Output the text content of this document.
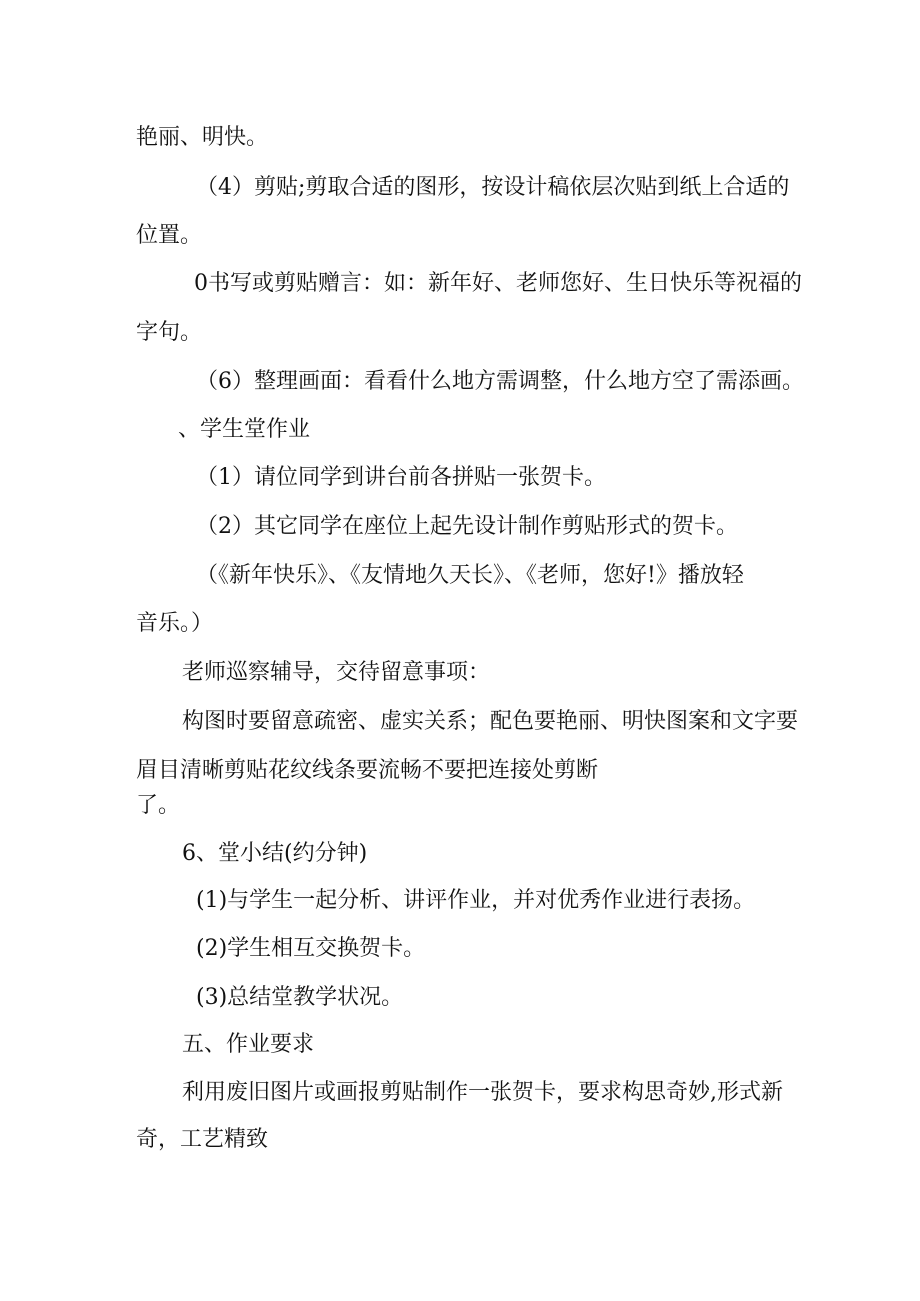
艳丽、明快。

（4）剪贴;剪取合适的图形，按设计稿依层次贴到纸上合适的

位置。

0书写或剪贴赠言：如：新年好、老师您好、生日快乐等祝福的

字句。

（6）整理画面：看看什么地方需调整，什么地方空了需添画。

、学生堂作业

（1）请位同学到讲台前各拼贴一张贺卡。

（2）其它同学在座位上起先设计制作剪贴形式的贺卡。

（《新年快乐》、《友情地久天长》、《老师，您好!》播放轻

音乐。）

老师巡察辅导，交待留意事项：

构图时要留意疏密、虚实关系；配色要艳丽、明快图案和文字要

眉目清晰剪贴花纹线条要流畅不要把连接处剪断

了。

6、堂小结(约分钟)

(1)与学生一起分析、讲评作业，并对优秀作业进行表扬。

(2)学生相互交换贺卡。

(3)总结堂教学状况。

五、作业要求

利用废旧图片或画报剪贴制作一张贺卡，要求构思奇妙,形式新

奇，工艺精致
